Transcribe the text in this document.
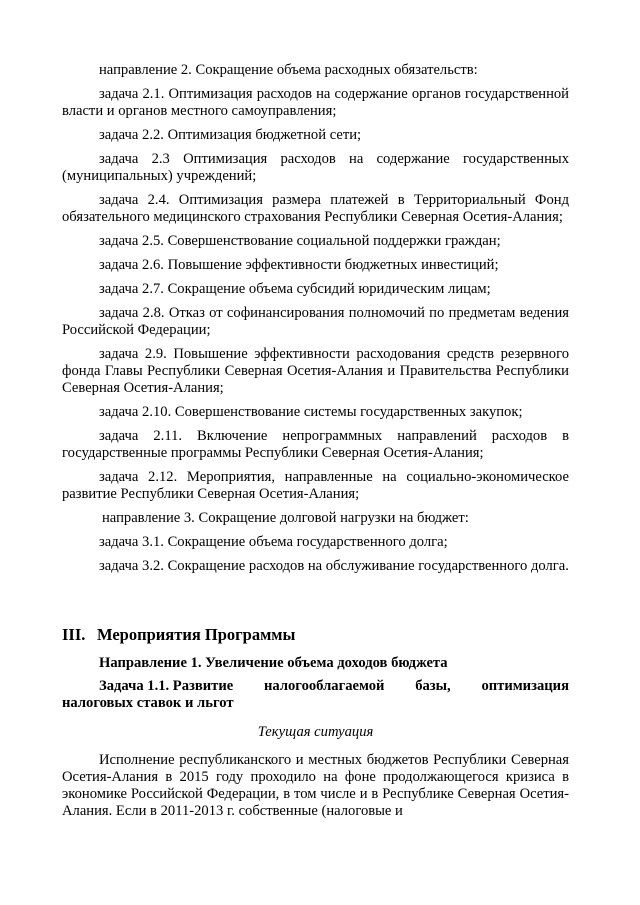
направление 2. Сокращение объема расходных обязательств:

задача 2.1. Оптимизация расходов на содержание органов государственной власти и органов местного самоуправления;

задача 2.2. Оптимизация бюджетной сети;

задача 2.3 Оптимизация расходов на содержание государственных (муниципальных) учреждений;

задача 2.4. Оптимизация размера платежей в Территориальный Фонд обязательного медицинского страхования Республики Северная Осетия-Алания;

задача 2.5. Совершенствование социальной поддержки граждан;

задача 2.6. Повышение эффективности бюджетных инвестиций;

задача 2.7. Сокращение объема субсидий юридическим лицам;

задача 2.8. Отказ от софинансирования полномочий по предметам ведения Российской Федерации;

задача 2.9. Повышение эффективности расходования средств резервного фонда Главы Республики Северная Осетия-Алания и Правительства Республики Северная Осетия-Алания;

задача 2.10. Совершенствование системы государственных закупок;

задача 2.11. Включение непрограммных направлений расходов в государственные программы Республики Северная Осетия-Алания;

задача 2.12. Мероприятия, направленные на социально-экономическое развитие Республики Северная Осетия-Алания;

направление 3. Сокращение долговой нагрузки на бюджет:

задача 3.1. Сокращение объема государственного долга;

задача 3.2. Сокращение расходов на обслуживание государственного долга.

III. Мероприятия Программы

Направление 1. Увеличение объема доходов бюджета

Задача 1.1. Развитие налогооблагаемой базы, оптимизация
налоговых ставок и льгот

Текущая ситуация

Исполнение республиканского и местных бюджетов Республики Северная Осетия-Алания в 2015 году проходило на фоне продолжающегося кризиса в экономике Российской Федерации, в том числе и в Республике Северная Осетия-Алания. Если в 2011-2013 г. собственные (налоговые и
